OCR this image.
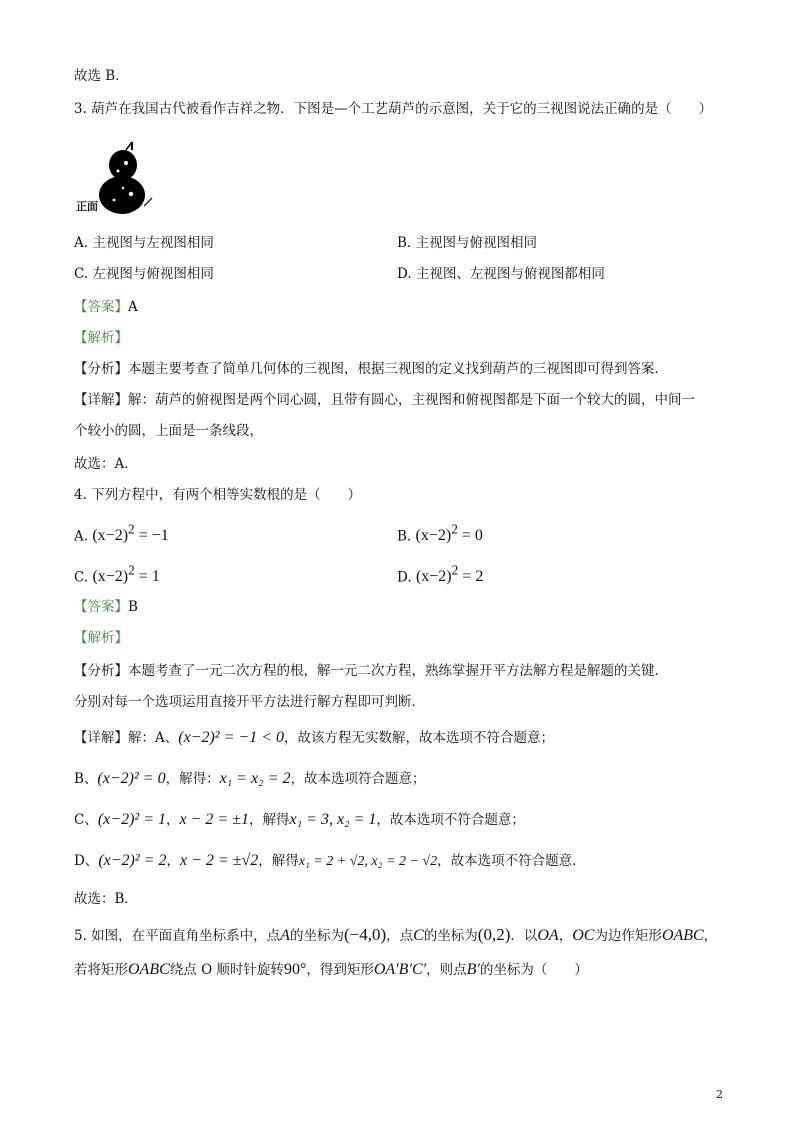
故选 B．
3. 葫芦在我国古代被看作吉祥之物．下图是—个工艺葫芦的示意图，关于它的三视图说法正确的是（　　）
正面
A. 主视图与左视图相同	B. 主视图与俯视图相同
C. 左视图与俯视图相同	D. 主视图、左视图与俯视图都相同
【答案】A
【解析】
【分析】本题主要考查了简单几何体的三视图，根据三视图的定义找到葫芦的三视图即可得到答案．
【详解】解：葫芦的俯视图是两个同心圆，且带有圆心，主视图和俯视图都是下面一个较大的圆，中间一
个较小的圆，上面是一条线段，
故选：A．
4. 下列方程中，有两个相等实数根的是（　　）
A. $(x-2)^2 = -1$	B. $(x-2)^2 = 0$
C. $(x-2)^2 = 1$	D. $(x-2)^2 = 2$
【答案】B
【解析】
【分析】本题考查了一元二次方程的根，解一元二次方程，熟练掌握开平方法解方程是解题的关键．
分别对每一个选项运用直接开平方法进行解方程即可判断．
【详解】解：A、(x−2)² = −1 < 0，故该方程无实数解，故本选项不符合题意；
B、(x−2)² = 0，解得：x₁ = x₂ = 2，故本选项符合题意；
C、(x−2)² = 1，x − 2 = ±1，解得x₁ = 3, x₂ = 1，故本选项不符合题意；
D、(x−2)² = 2，x − 2 = ±√2，解得x₁ = 2 + √2, x₂ = 2 − √2，故本选项不符合题意．
故选：B．
5. 如图，在平面直角坐标系中，点A的坐标为(−4,0)，点C的坐标为(0,2)．以OA，OC为边作矩形OABC，
若将矩形OABC绕点 O 顺时针旋转90°，得到矩形OA′B′C′，则点B′的坐标为（　　）
2
